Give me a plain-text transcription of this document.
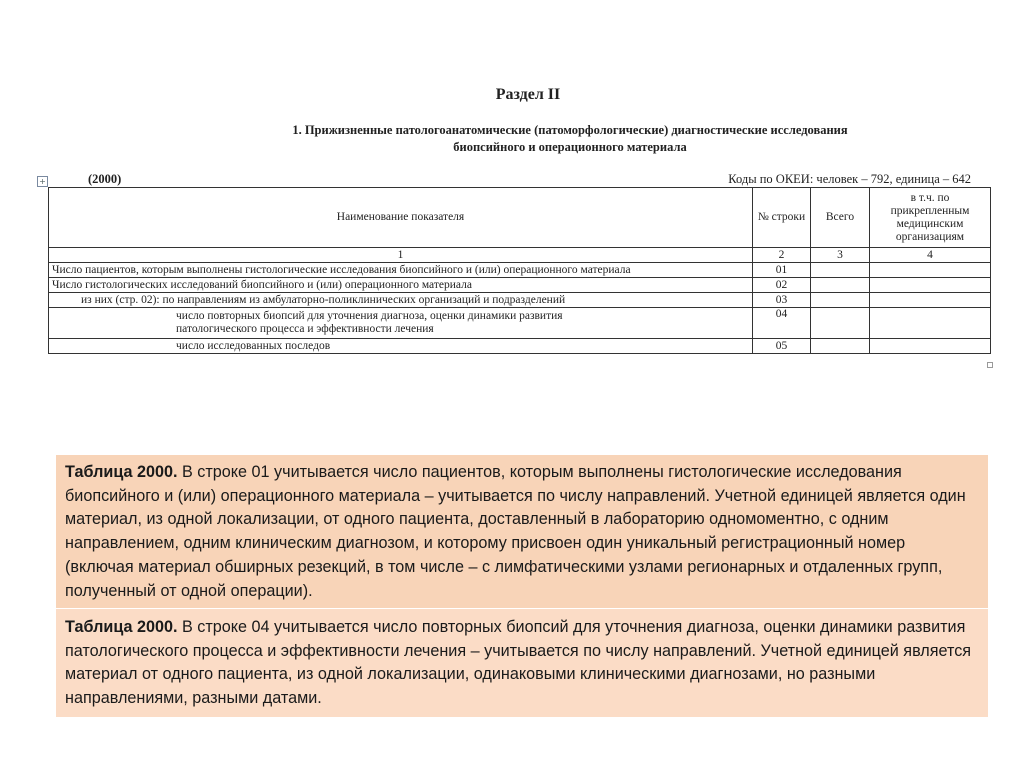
Раздел II
1. Прижизненные патологоанатомические (патоморфологические) диагностические исследования
биопсийного и операционного материала
+	(2000)	Коды по ОКЕИ: человек – 792, единица – 642
Наименование показателя	№ строки	Всего	в т.ч. по прикрепленным медицинским организациям
1	2	3	4
Число пациентов, которым выполнены гистологические исследования биопсийного и (или) операционного материала	01		
Число гистологических исследований биопсийного и (или) операционного материала	02		
из них (стр. 02): по направлениям из амбулаторно-поликлинических организаций и подразделений	03		

число повторных биопсий для уточнения диагноза, оценки динамики развития
патологического процесса и эффективности лечения	04		
число исследованных последов	05		
Таблица 2000. В строке 01 учитывается число пациентов, которым выполнены гистологические исследования биопсийного и (или) операционного материала – учитывается по числу направлений. Учетной единицей является один материал, из одной локализации, от одного пациента, доставленный в лабораторию одномоментно, с одним направлением, одним клиническим диагнозом, и которому присвоен один уникальный регистрационный номер (включая материал обширных резекций, в том числе – с лимфатическими узлами регионарных и отдаленных групп, полученный от одной операции).
Таблица 2000. В строке 04 учитывается число повторных биопсий для уточнения диагноза, оценки динамики развития патологического процесса и эффективности лечения – учитывается по числу направлений. Учетной единицей является материал от одного пациента, из одной локализации, одинаковыми клиническими диагнозами, но разными направлениями, разными датами.
